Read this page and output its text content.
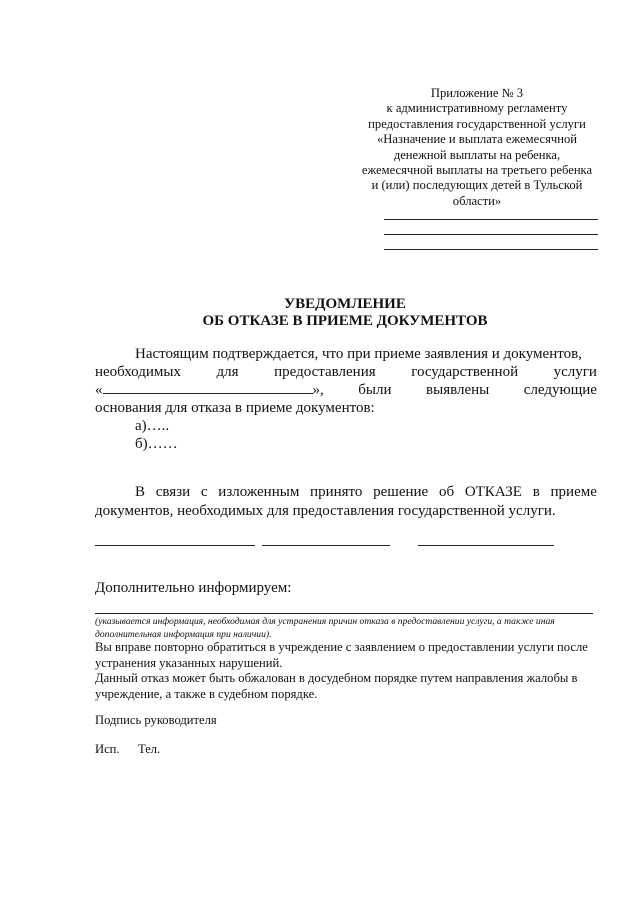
Приложение № 3
к административному регламенту
предоставления государственной услуги
«Назначение и выплата ежемесячной
денежной выплаты на ребенка,
ежемесячной выплаты на третьего ребенка
и (или) последующих детей в Тульской
области»
УВЕДОМЛЕНИЕ
ОБ ОТКАЗЕ В ПРИЕМЕ ДОКУМЕНТОВ
Настоящим подтверждается, что при приеме заявления и документов,
необходимых для предоставления государственной услуги
«	», были выявлены следующие
основания для отказа в приеме документов:
а)…..
б)……
В связи с изложенным принято решение об ОТКАЗЕ в приеме
документов, необходимых для предоставления государственной услуги.
Дополнительно информируем:
(указывается информация, необходимая для устранения причин отказа в предоставлении услуги, а также иная дополнительная информация при наличии).
Вы вправе повторно обратиться в учреждение с заявлением о предоставлении услуги после устранения указанных нарушений.
Данный отказ может быть обжалован в досудебном порядке путем направления жалобы в учреждение, а также в судебном порядке.
Подпись руководителя
Исп. Тел.
